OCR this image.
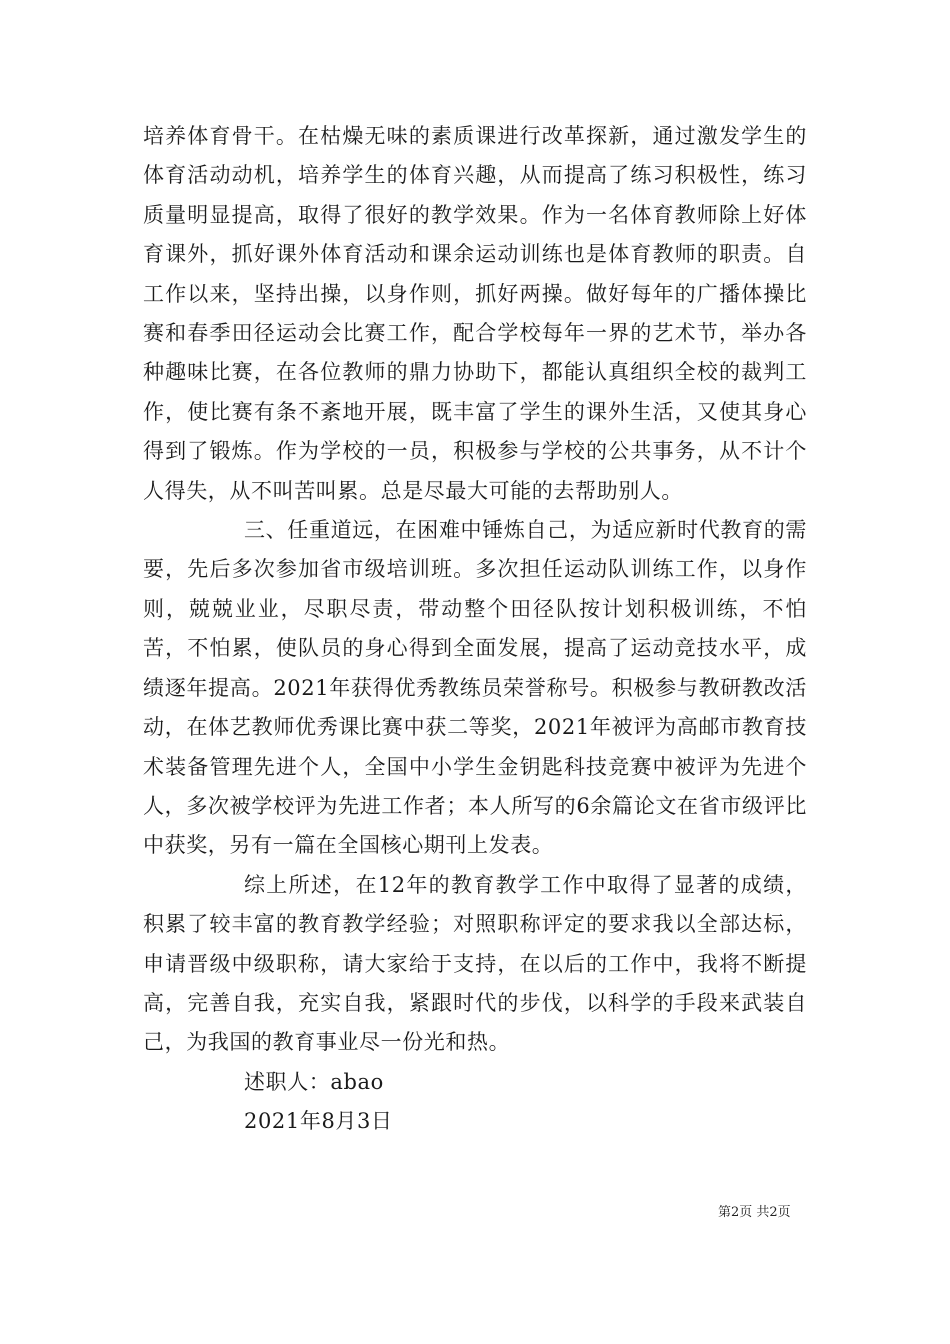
培养体育骨干。在枯燥无味的素质课进行改革探新，通过激发学生的体育活动动机，培养学生的体育兴趣，从而提高了练习积极性，练习质量明显提高，取得了很好的教学效果。作为一名体育教师除上好体育课外，抓好课外体育活动和课余运动训练也是体育教师的职责。自工作以来，坚持出操，以身作则，抓好两操。做好每年的广播体操比赛和春季田径运动会比赛工作，配合学校每年一界的艺术节，举办各种趣味比赛，在各位教师的鼎力协助下，都能认真组织全校的裁判工作，使比赛有条不紊地开展，既丰富了学生的课外生活，又使其身心得到了锻炼。作为学校的一员，积极参与学校的公共事务，从不计个人得失，从不叫苦叫累。总是尽最大可能的去帮助别人。

三、任重道远，在困难中锤炼自己，为适应新时代教育的需要，先后多次参加省市级培训班。多次担任运动队训练工作，以身作则，兢兢业业，尽职尽责，带动整个田径队按计划积极训练，不怕苦，不怕累，使队员的身心得到全面发展，提高了运动竞技水平，成绩逐年提高。2021年获得优秀教练员荣誉称号。积极参与教研教改活动，在体艺教师优秀课比赛中获二等奖，2021年被评为高邮市教育技术装备管理先进个人，全国中小学生金钥匙科技竞赛中被评为先进个人，多次被学校评为先进工作者；本人所写的6余篇论文在省市级评比中获奖，另有一篇在全国核心期刊上发表。

综上所述，在12年的教育教学工作中取得了显著的成绩，积累了较丰富的教育教学经验；对照职称评定的要求我以全部达标，申请晋级中级职称，请大家给于支持，在以后的工作中，我将不断提高，完善自我，充实自我，紧跟时代的步伐，以科学的手段来武装自己，为我国的教育事业尽一份光和热。

述职人：abao

2021年8月3日

第2页 共2页
